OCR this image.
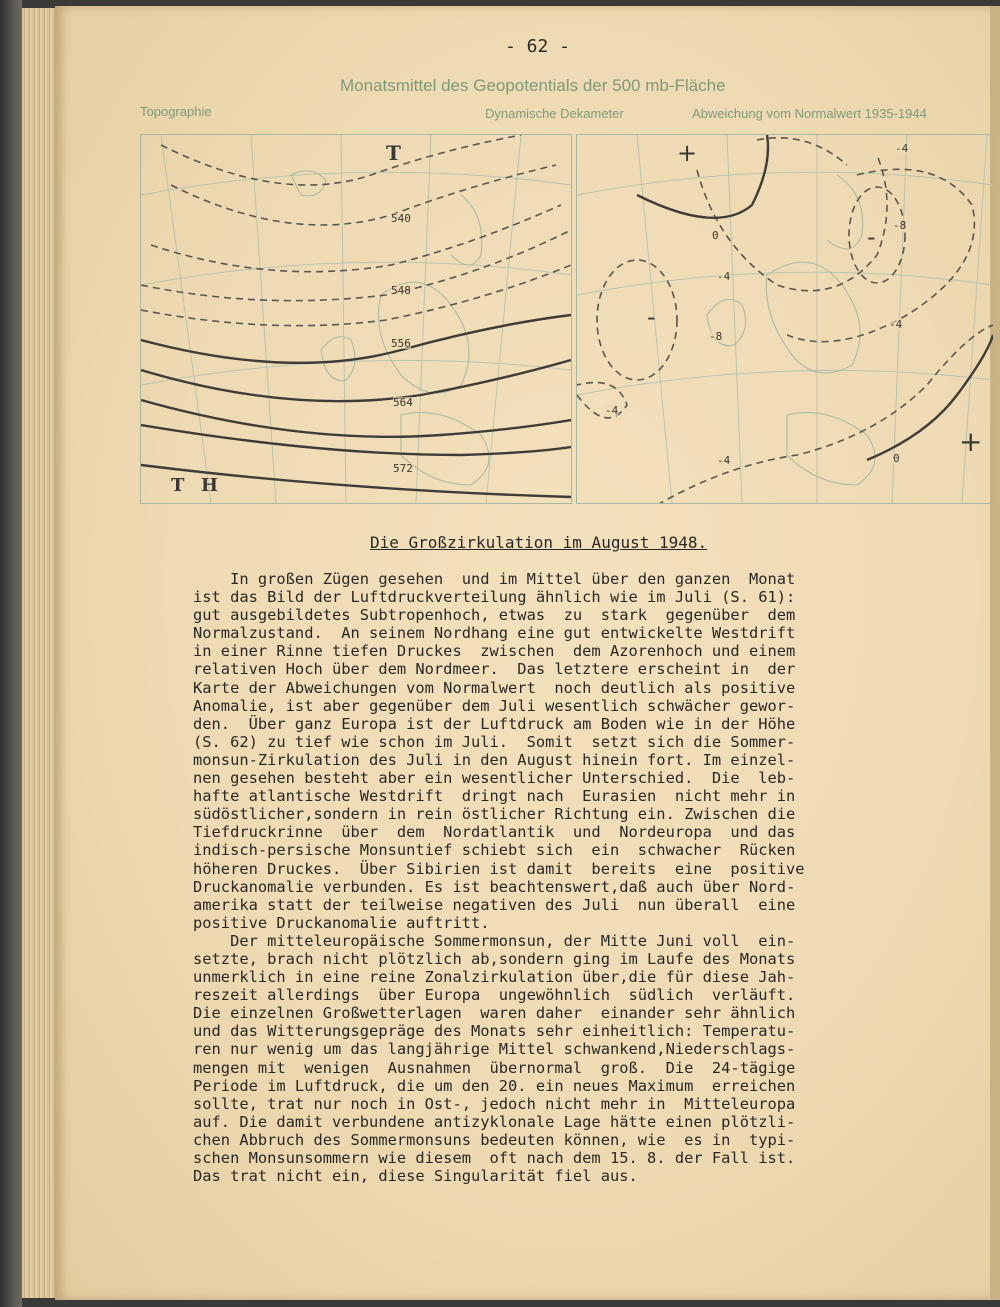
- 62 -
Monatsmittel des Geopotentials der 500 mb-Fläche
Topographie	Dynamische Dekameter	Abweichung vom Normalwert 1935-1944
540
548
556
564
572
T
T H
0
-4
-8
-4
-8
-4
-4	0
-4
+
-
-
+
Die Großzirkulation im August 1948.
In großen Zügen gesehen  und im Mittel über den ganzen  Monat
ist das Bild der Luftdruckverteilung ähnlich wie im Juli (S. 61):
gut ausgebildetes Subtropenhoch, etwas  zu  stark  gegenüber  dem
Normalzustand.  An seinem Nordhang eine gut entwickelte Westdrift
in einer Rinne tiefen Druckes  zwischen  dem Azorenhoch und einem
relativen Hoch über dem Nordmeer.  Das letztere erscheint in  der
Karte der Abweichungen vom Normalwert  noch deutlich als positive
Anomalie, ist aber gegenüber dem Juli wesentlich schwächer gewor-
den.  Über ganz Europa ist der Luftdruck am Boden wie in der Höhe
(S. 62) zu tief wie schon im Juli.  Somit  setzt sich die Sommer-
monsun-Zirkulation des Juli in den August hinein fort. Im einzel-
nen gesehen besteht aber ein wesentlicher Unterschied.  Die  leb-
hafte atlantische Westdrift  dringt nach  Eurasien  nicht mehr in
südöstlicher,sondern in rein östlicher Richtung ein. Zwischen die
Tiefdruckrinne  über  dem  Nordatlantik  und  Nordeuropa  und das
indisch-persische Monsuntief schiebt sich  ein  schwacher  Rücken
höheren Druckes.  Über Sibirien ist damit  bereits  eine  positive
Druckanomalie verbunden. Es ist beachtenswert,daß auch über Nord-
amerika statt der teilweise negativen des Juli  nun überall  eine
positive Druckanomalie auftritt.
Der mitteleuropäische Sommermonsun, der Mitte Juni voll  ein-
setzte, brach nicht plötzlich ab,sondern ging im Laufe des Monats
unmerklich in eine reine Zonalzirkulation über,die für diese Jah-
reszeit allerdings  über Europa  ungewöhnlich  südlich  verläuft.
Die einzelnen Großwetterlagen  waren daher  einander sehr ähnlich
und das Witterungsgepräge des Monats sehr einheitlich: Temperatu-
ren nur wenig um das langjährige Mittel schwankend,Niederschlags-
mengen mit  wenigen  Ausnahmen  übernormal  groß.  Die  24-tägige
Periode im Luftdruck, die um den 20. ein neues Maximum  erreichen
sollte, trat nur noch in Ost-, jedoch nicht mehr in  Mitteleuropa
auf. Die damit verbundene antizyklonale Lage hätte einen plötzli-
chen Abbruch des Sommermonsuns bedeuten können, wie  es in  typi-
schen Monsunsommern wie diesem  oft nach dem 15. 8. der Fall ist.
Das trat nicht ein, diese Singularität fiel aus.
